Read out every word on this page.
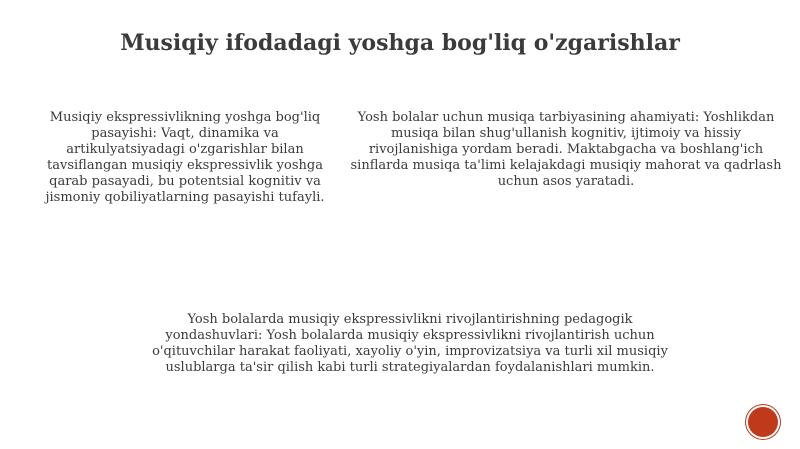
Musiqiy ifodadagi yoshga bog'liq o'zgarishlar
Musiqiy ekspressivlikning yoshga bog'liq pasayishi: Vaqt, dinamika va artikulyatsiyadagi o'zgarishlar bilan tavsiflangan musiqiy ekspressivlik yoshga qarab pasayadi, bu potentsial kognitiv va jismoniy qobiliyatlarning pasayishi tufayli.
Yosh bolalar uchun musiqa tarbiyasining ahamiyati: Yoshlikdan musiqa bilan shug'ullanish kognitiv, ijtimoiy va hissiy rivojlanishiga yordam beradi. Maktabgacha va boshlang'ich sinflarda musiqa ta'limi kelajakdagi musiqiy mahorat va qadrlash uchun asos yaratadi.
Yosh bolalarda musiqiy ekspressivlikni rivojlantirishning pedagogik yondashuvlari: Yosh bolalarda musiqiy ekspressivlikni rivojlantirish uchun o'qituvchilar harakat faoliyati, xayoliy o'yin, improvizatsiya va turli xil musiqiy uslublarga ta'sir qilish kabi turli strategiyalardan foydalanishlari mumkin.
